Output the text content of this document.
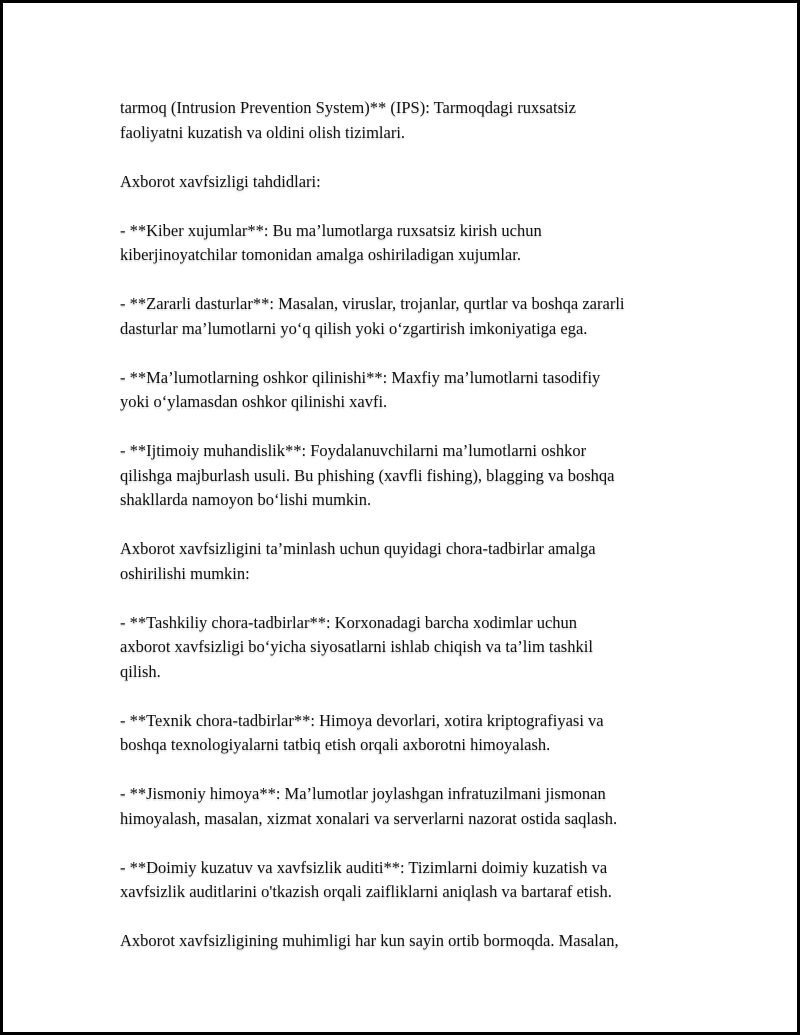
tarmoq (Intrusion Prevention System)** (IPS): Tarmoqdagi ruxsatsiz
faoliyatni kuzatish va oldini olish tizimlari.

Axborot xavfsizligi tahdidlari:

- **Kiber xujumlar**: Bu ma’lumotlarga ruxsatsiz kirish uchun
kiberjinoyatchilar tomonidan amalga oshiriladigan xujumlar.

- **Zararli dasturlar**: Masalan, viruslar, trojanlar, qurtlar va boshqa zararli
dasturlar ma’lumotlarni yo‘q qilish yoki o‘zgartirish imkoniyatiga ega.

- **Ma’lumotlarning oshkor qilinishi**: Maxfiy ma’lumotlarni tasodifiy
yoki o‘ylamasdan oshkor qilinishi xavfi.

- **Ijtimoiy muhandislik**: Foydalanuvchilarni ma’lumotlarni oshkor
qilishga majburlash usuli. Bu phishing (xavfli fishing), blagging va boshqa
shakllarda namoyon bo‘lishi mumkin.

Axborot xavfsizligini ta’minlash uchun quyidagi chora-tadbirlar amalga
oshirilishi mumkin:

- **Tashkiliy chora-tadbirlar**: Korxonadagi barcha xodimlar uchun
axborot xavfsizligi bo‘yicha siyosatlarni ishlab chiqish va ta’lim tashkil
qilish.

- **Texnik chora-tadbirlar**: Himoya devorlari, xotira kriptografiyasi va
boshqa texnologiyalarni tatbiq etish orqali axborotni himoyalash.

- **Jismoniy himoya**: Ma’lumotlar joylashgan infratuzilmani jismonan
himoyalash, masalan, xizmat xonalari va serverlarni nazorat ostida saqlash.

- **Doimiy kuzatuv va xavfsizlik auditi**: Tizimlarni doimiy kuzatish va
xavfsizlik auditlarini o'tkazish orqali zaifliklarni aniqlash va bartaraf etish.

Axborot xavfsizligining muhimligi har kun sayin ortib bormoqda. Masalan,
